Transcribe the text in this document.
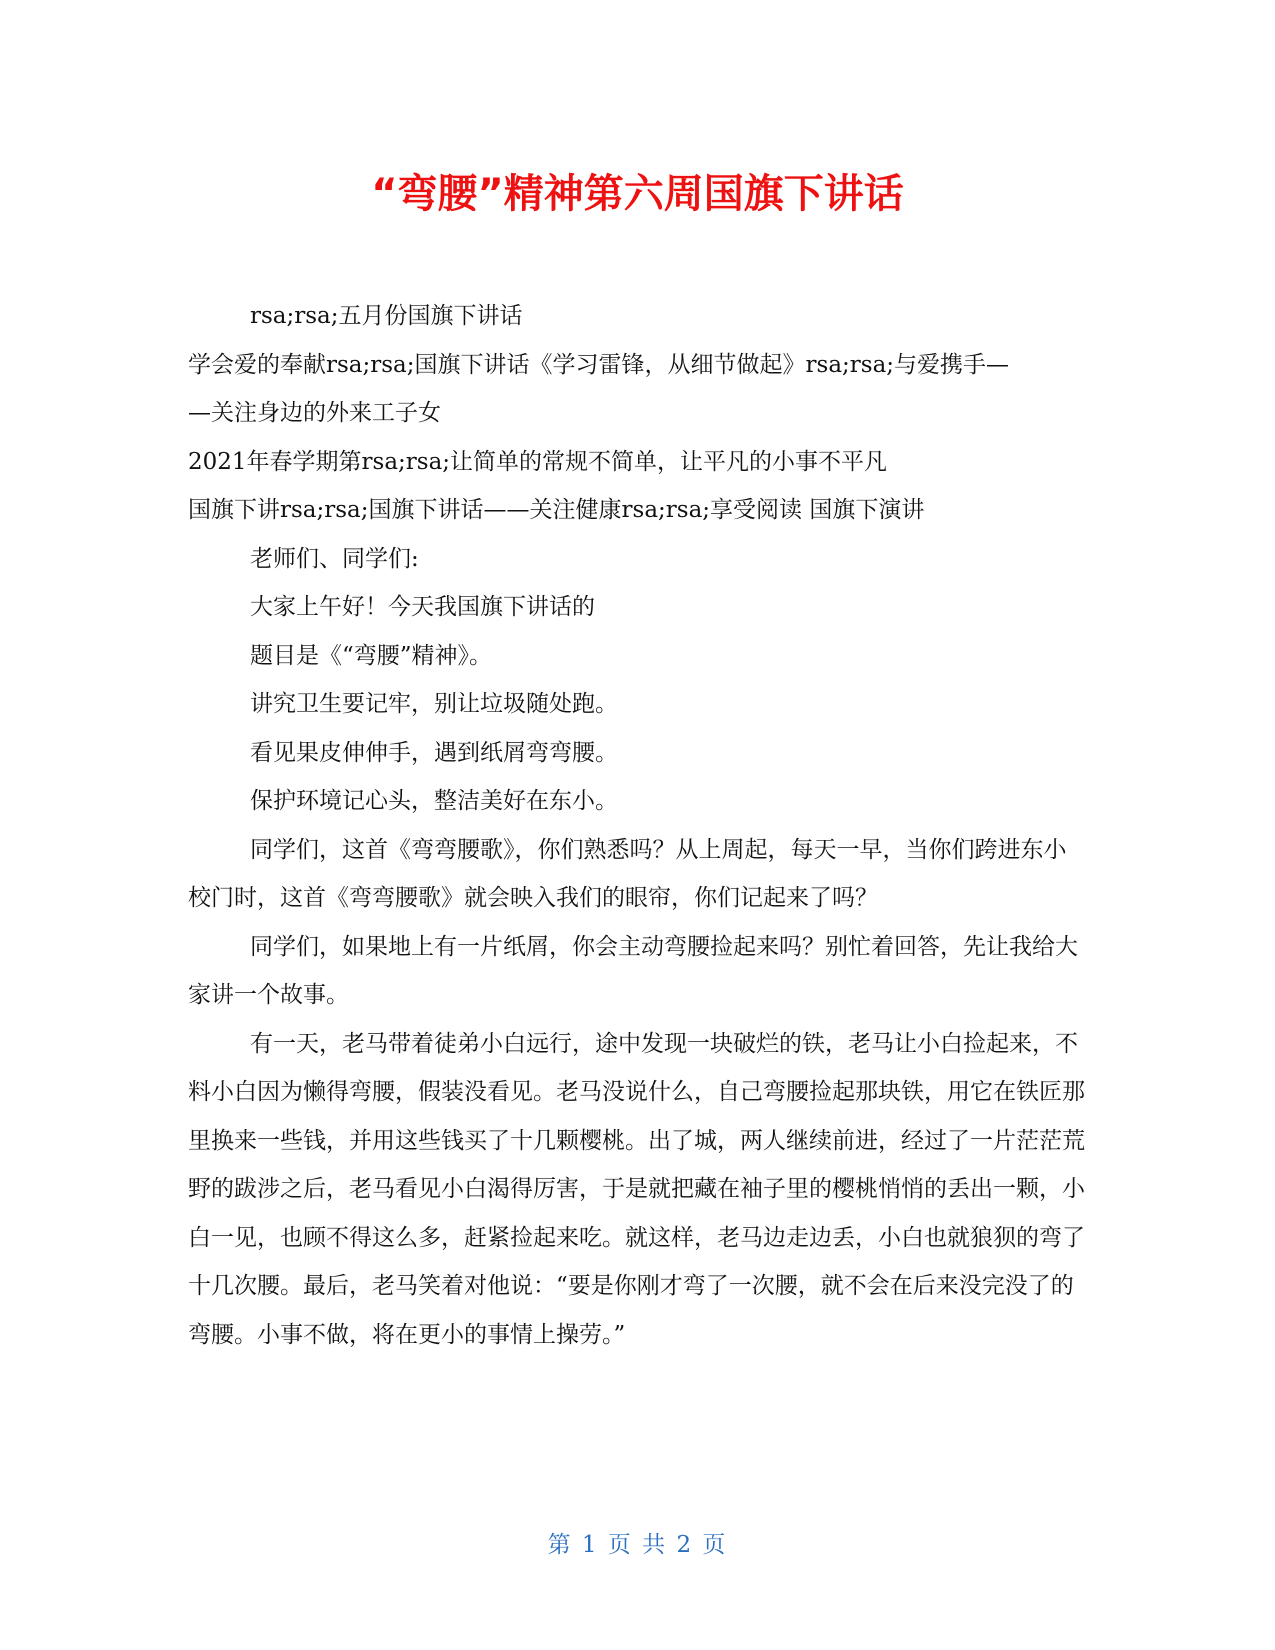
“弯腰”精神第六周国旗下讲话

rsa;rsa;五月份国旗下讲话

学会爱的奉献rsa;rsa;国旗下讲话《学习雷锋，从细节做起》rsa;rsa;与爱携手—

—关注身边的外来工子女

2021年春学期第rsa;rsa;让简单的常规不简单，让平凡的小事不平凡

国旗下讲rsa;rsa;国旗下讲话——关注健康rsa;rsa;享受阅读 国旗下演讲

老师们、同学们:

大家上午好！今天我国旗下讲话的

题目是《“弯腰”精神》。

讲究卫生要记牢，别让垃圾随处跑。

看见果皮伸伸手，遇到纸屑弯弯腰。

保护环境记心头，整洁美好在东小。

同学们，这首《弯弯腰歌》，你们熟悉吗？从上周起，每天一早，当你们跨进东小校门时，这首《弯弯腰歌》就会映入我们的眼帘，你们记起来了吗？

同学们，如果地上有一片纸屑，你会主动弯腰捡起来吗？别忙着回答，先让我给大家讲一个故事。

有一天，老马带着徒弟小白远行，途中发现一块破烂的铁，老马让小白捡起来，不料小白因为懒得弯腰，假装没看见。老马没说什么，自己弯腰捡起那块铁，用它在铁匠那里换来一些钱，并用这些钱买了十几颗樱桃。出了城，两人继续前进，经过了一片茫茫荒野的跋涉之后，老马看见小白渴得厉害，于是就把藏在袖子里的樱桃悄悄的丢出一颗，小白一见，也顾不得这么多，赶紧捡起来吃。就这样，老马边走边丢，小白也就狼狈的弯了十几次腰。最后，老马笑着对他说：“要是你刚才弯了一次腰，就不会在后来没完没了的弯腰。小事不做，将在更小的事情上操劳。”

第 1 页 共 2 页
